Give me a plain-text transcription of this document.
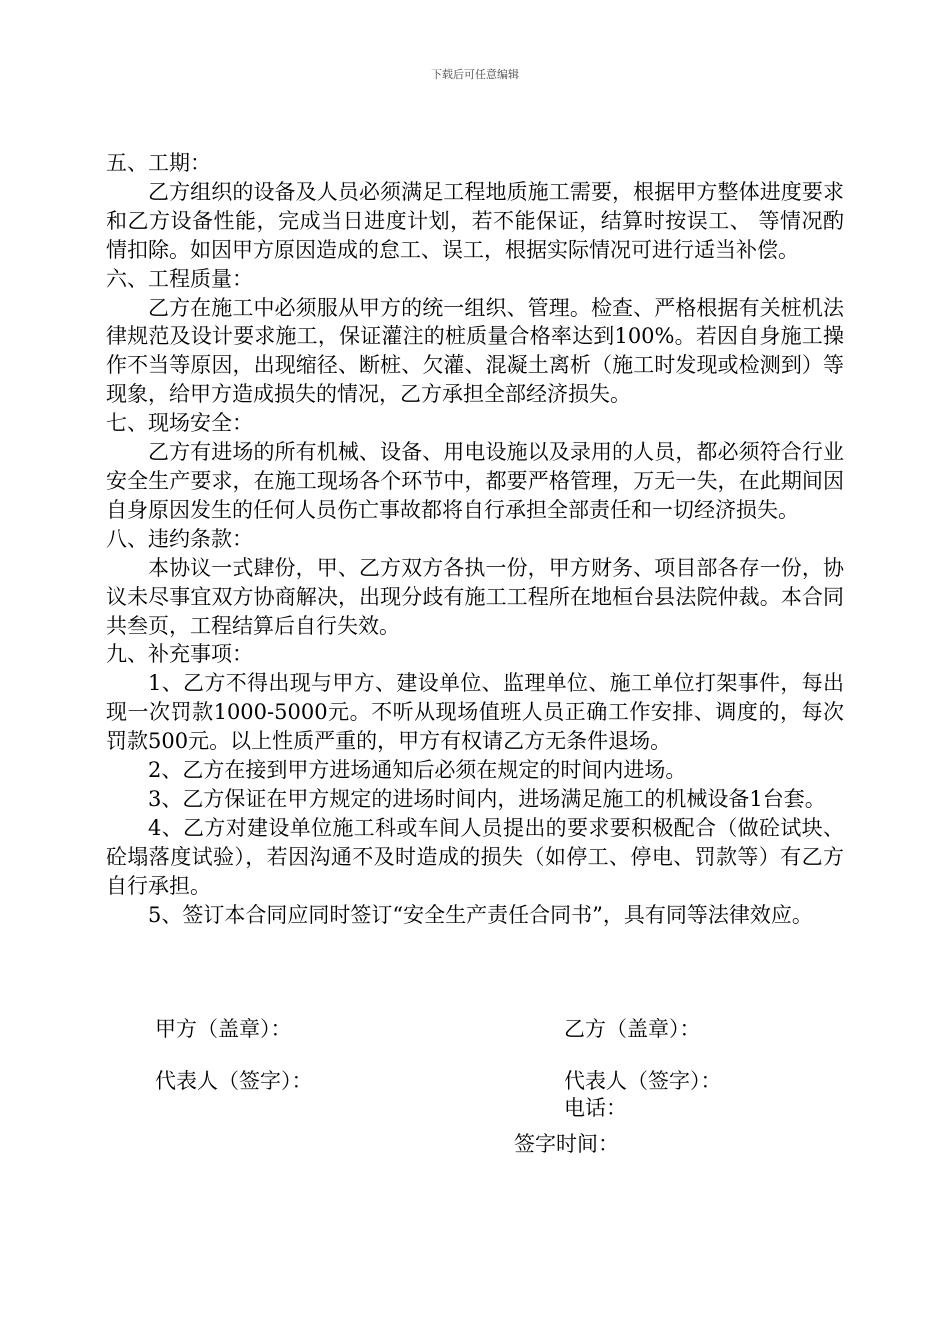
下载后可任意编辑

五、工期：

乙方组织的设备及人员必须满足工程地质施工需要，根据甲方整体进度要求和乙方设备性能，完成当日进度计划，若不能保证，结算时按误工、 等情况酌情扣除。如因甲方原因造成的怠工、误工，根据实际情况可进行适当补偿。

六、工程质量：

乙方在施工中必须服从甲方的统一组织、管理。检查、严格根据有关桩机法律规范及设计要求施工，保证灌注的桩质量合格率达到100%。若因自身施工操作不当等原因，出现缩径、断桩、欠灌、混凝土离析（施工时发现或检测到）等现象，给甲方造成损失的情况，乙方承担全部经济损失。

七、现场安全：

乙方有进场的所有机械、设备、用电设施以及录用的人员，都必须符合行业安全生产要求，在施工现场各个环节中，都要严格管理，万无一失，在此期间因自身原因发生的任何人员伤亡事故都将自行承担全部责任和一切经济损失。

八、违约条款：

本协议一式肆份，甲、乙方双方各执一份，甲方财务、项目部各存一份，协议未尽事宜双方协商解决，出现分歧有施工工程所在地桓台县法院仲裁。本合同共叁页，工程结算后自行失效。

九、补充事项：

1、乙方不得出现与甲方、建设单位、监理单位、施工单位打架事件，每出现一次罚款1000-5000元。不听从现场值班人员正确工作安排、调度的，每次罚款500元。以上性质严重的，甲方有权请乙方无条件退场。

2、乙方在接到甲方进场通知后必须在规定的时间内进场。

3、乙方保证在甲方规定的进场时间内，进场满足施工的机械设备1台套。

4、乙方对建设单位施工科或车间人员提出的要求要积极配合（做砼试块、砼塌落度试验），若因沟通不及时造成的损失（如停工、停电、罚款等）有乙方自行承担。

5、签订本合同应同时签订“安全生产责任合同书”，具有同等法律效应。

甲方（盖章）：	乙方（盖章）：
代表人（签字）：	代表人（签字）：
电话：
签字时间：
